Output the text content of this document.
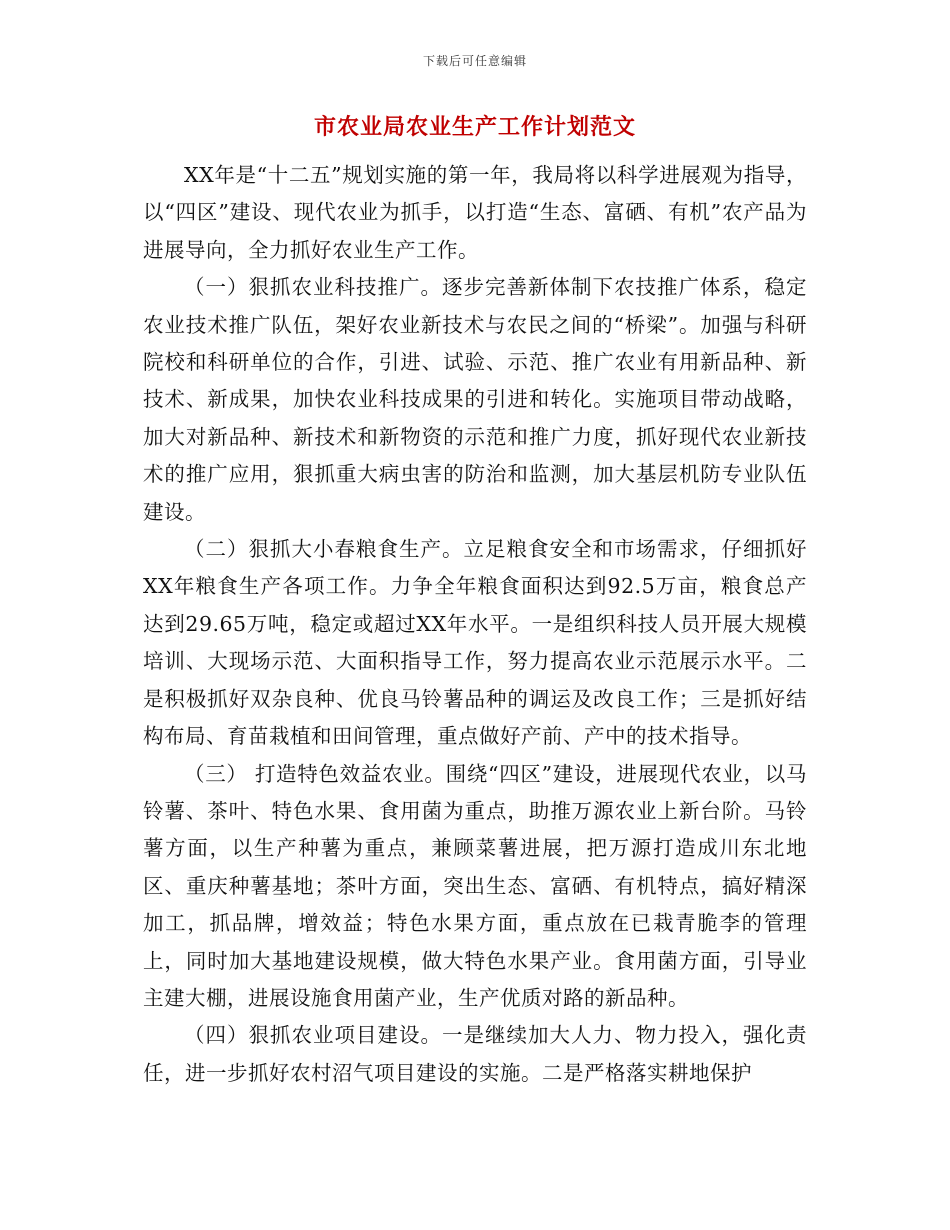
下载后可任意编辑
市农业局农业生产工作计划范文

XX年是“十二五”规划实施的第一年，我局将以科学进展观为指导，以“四区”建设、现代农业为抓手，以打造“生态、富硒、有机”农产品为进展导向，全力抓好农业生产工作。

（一）狠抓农业科技推广。逐步完善新体制下农技推广体系，稳定农业技术推广队伍，架好农业新技术与农民之间的“桥梁”。加强与科研院校和科研单位的合作，引进、试验、示范、推广农业有用新品种、新技术、新成果，加快农业科技成果的引进和转化。实施项目带动战略，加大对新品种、新技术和新物资的示范和推广力度，抓好现代农业新技术的推广应用，狠抓重大病虫害的防治和监测，加大基层机防专业队伍建设。

（二）狠抓大小春粮食生产。立足粮食安全和市场需求，仔细抓好XX年粮食生产各项工作。力争全年粮食面积达到92.5万亩，粮食总产达到29.65万吨，稳定或超过XX年水平。一是组织科技人员开展大规模培训、大现场示范、大面积指导工作，努力提高农业示范展示水平。二是积极抓好双杂良种、优良马铃薯品种的调运及改良工作；三是抓好结构布局、育苗栽植和田间管理，重点做好产前、产中的技术指导。

（三） 打造特色效益农业。围绕“四区”建设，进展现代农业，以马铃薯、茶叶、特色水果、食用菌为重点，助推万源农业上新台阶。马铃薯方面，以生产种薯为重点，兼顾菜薯进展，把万源打造成川东北地区、重庆种薯基地；茶叶方面，突出生态、富硒、有机特点，搞好精深加工，抓品牌，增效益；特色水果方面，重点放在已栽青脆李的管理上，同时加大基地建设规模，做大特色水果产业。食用菌方面，引导业主建大棚，进展设施食用菌产业，生产优质对路的新品种。

（四）狠抓农业项目建设。一是继续加大人力、物力投入，强化责任，进一步抓好农村沼气项目建设的实施。二是严格落实耕地保护
